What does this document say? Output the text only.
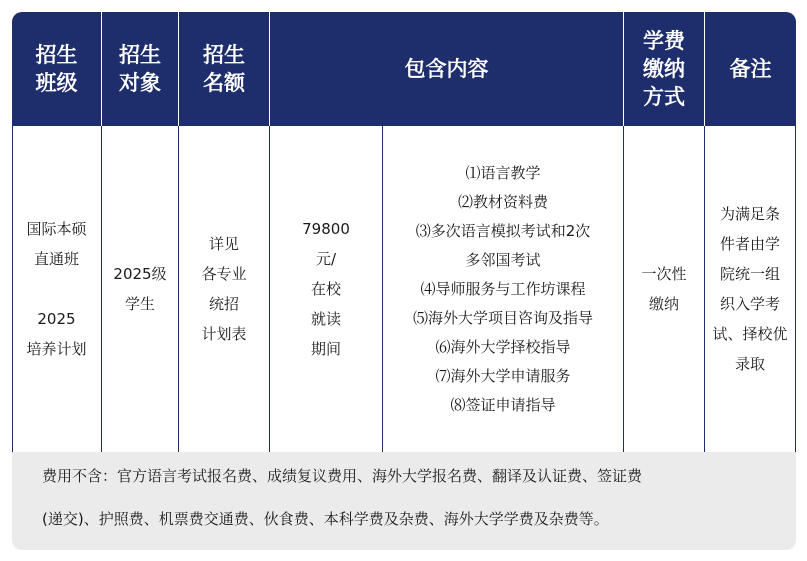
招生
班级
招生
对象
招生
名额
包含内容
学费
缴纳
方式
备注
国际本硕
直通班

2025
培养计划
2025级
学生
详见
各专业
统招
计划表
79800
元/
在校
就读
期间
⑴语言教学
⑵教材资料费
⑶多次语言模拟考试和2次
多邻国考试
⑷导师服务与工作坊课程
⑸海外大学项目咨询及指导
⑹海外大学择校指导
⑺海外大学申请服务
⑻签证申请指导
一次性
缴纳
为满足条
件者由学
院统一组
织入学考
试、择校优
录取
费用不含：官方语言考试报名费、成绩复议费用、海外大学报名费、翻译及认证费、签证费
(递交)、护照费、机票费交通费、伙食费、本科学费及杂费、海外大学学费及杂费等。
